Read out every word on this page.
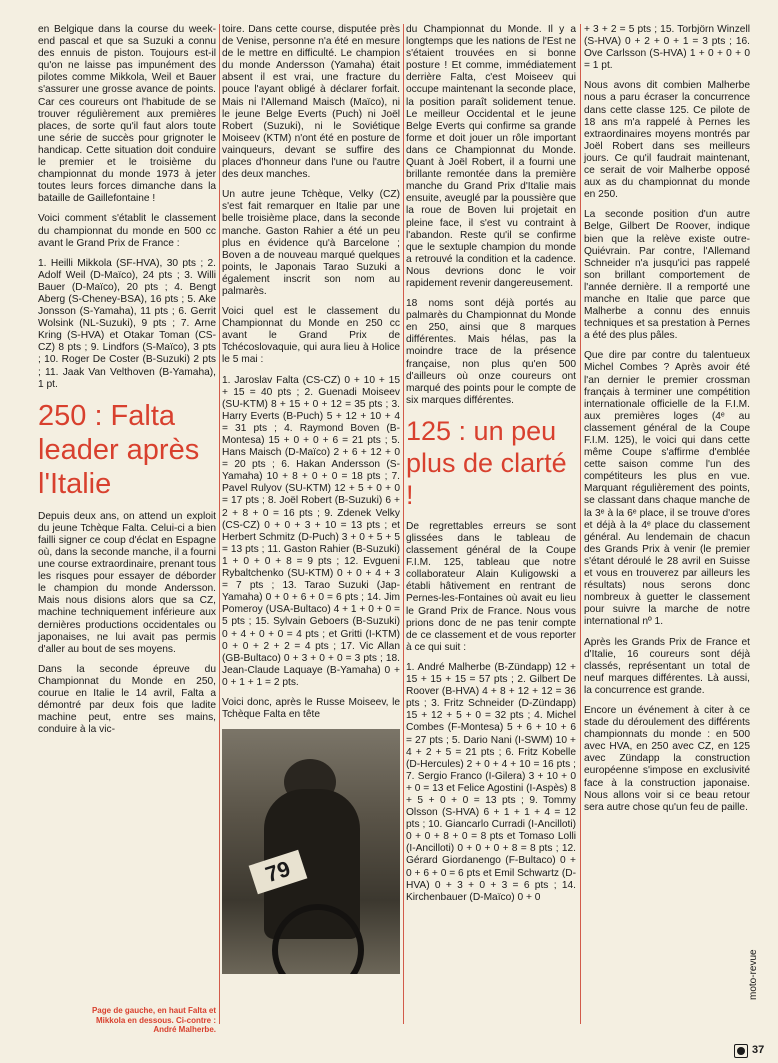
en Belgique dans la course du week-end pascal et que sa Suzuki a connu des ennuis de piston. Toujours est-il qu'on ne laisse pas impunément des pilotes comme Mikkola, Weil et Bauer s'assurer une grosse avance de points. Car ces coureurs ont l'habitude de se trouver régulièrement aux premières places, de sorte qu'il faut alors toute une série de succès pour grignoter le handicap. Cette situation doit conduire le premier et le troisième du championnat du monde 1973 à jeter toutes leurs forces dimanche dans la bataille de Gaillefontaine !

Voici comment s'établit le classement du championnat du monde en 500 cc avant le Grand Prix de France :

1. Heilli Mikkola (SF-HVA), 30 pts ; 2. Adolf Weil (D-Maïco), 24 pts ; 3. Willi Bauer (D-Maïco), 20 pts ; 4. Bengt Aberg (S-Cheney-BSA), 16 pts ; 5. Ake Jonsson (S-Yamaha), 11 pts ; 6. Gerrit Wolsink (NL-Suzuki), 9 pts ; 7. Arne Kring (S-HVA) et Otakar Toman (CS-CZ) 8 pts ; 9. Lindfors (S-Maïco), 3 pts ; 10. Roger De Coster (B-Suzuki) 2 pts ; 11. Jaak Van Velthoven (B-Yamaha), 1 pt.

250 : Falta leader après l'Italie

Depuis deux ans, on attend un exploit du jeune Tchèque Falta. Celui-ci a bien failli signer ce coup d'éclat en Espagne où, dans la seconde manche, il a fourni une course extraordinaire, prenant tous les risques pour essayer de déborder le champion du monde Andersson. Mais nous disions alors que sa CZ, machine techniquement inférieure aux dernières productions occidentales ou japonaises, ne lui avait pas permis d'aller au bout de ses moyens.

Dans la seconde épreuve du Championnat du Monde en 250, courue en Italie le 14 avril, Falta a démontré par deux fois que ladite machine peut, entre ses mains, conduire à la vic-

toire. Dans cette course, disputée près de Venise, personne n'a été en mesure de le mettre en difficulté. Le champion du monde Andersson (Yamaha) était absent il est vrai, une fracture du pouce l'ayant obligé à déclarer forfait. Mais ni l'Allemand Maisch (Maïco), ni le jeune Belge Everts (Puch) ni Joël Robert (Suzuki), ni le Soviétique Moiseev (KTM) n'ont été en posture de vainqueurs, devant se suffire des places d'honneur dans l'une ou l'autre des deux manches.

Un autre jeune Tchèque, Velky (CZ) s'est fait remarquer en Italie par une belle troisième place, dans la seconde manche. Gaston Rahier a été un peu plus en évidence qu'à Barcelone ; Boven a de nouveau marqué quelques points, le Japonais Tarao Suzuki a également inscrit son nom au palmarès.

Voici quel est le classement du Championnat du Monde en 250 cc avant le Grand Prix de Tchécoslovaquie, qui aura lieu à Holice le 5 mai :

1. Jaroslav Falta (CS-CZ) 0 + 10 + 15 + 15 = 40 pts ; 2. Guenadi Moiseev (SU-KTM) 8 + 15 + 0 + 12 = 35 pts ; 3. Harry Everts (B-Puch) 5 + 12 + 10 + 4 = 31 pts ; 4. Raymond Boven (B-Montesa) 15 + 0 + 0 + 6 = 21 pts ; 5. Hans Maisch (D-Maïco) 2 + 6 + 12 + 0 = 20 pts ; 6. Hakan Andersson (S-Yamaha) 10 + 8 + 0 + 0 = 18 pts ; 7. Pavel Rulyov (SU-KTM) 12 + 5 + 0 + 0 = 17 pts ; 8. Joël Robert (B-Suzuki) 6 + 2 + 8 + 0 = 16 pts ; 9. Zdenek Velky (CS-CZ) 0 + 0 + 3 + 10 = 13 pts ; et Herbert Schmitz (D-Puch) 3 + 0 + 5 + 5 = 13 pts ; 11. Gaston Rahier (B-Suzuki) 1 + 0 + 0 + 8 = 9 pts ; 12. Evgueni Rybaltchenko (SU-KTM) 0 + 0 + 4 + 3 = 7 pts ; 13. Tarao Suzuki (Jap-Yamaha) 0 + 0 + 6 + 0 = 6 pts ; 14. Jim Pomeroy (USA-Bultaco) 4 + 1 + 0 + 0 = 5 pts ; 15. Sylvain Geboers (B-Suzuki) 0 + 4 + 0 + 0 = 4 pts ; et Gritti (I-KTM) 0 + 0 + 2 + 2 = 4 pts ; 17. Vic Allan (GB-Bultaco) 0 + 3 + 0 + 0 = 3 pts ; 18. Jean-Claude Laquaye (B-Yamaha) 0 + 0 + 1 + 1 = 2 pts.

Voici donc, après le Russe Moiseev, le Tchèque Falta en tête

79

du Championnat du Monde. Il y a longtemps que les nations de l'Est ne s'étaient trouvées en si bonne posture ! Et comme, immédiatement derrière Falta, c'est Moiseev qui occupe maintenant la seconde place, la position paraît solidement tenue. Le meilleur Occidental et le jeune Belge Everts qui confirme sa grande forme et doit jouer un rôle important dans ce Championnat du Monde. Quant à Joël Robert, il a fourni une brillante remontée dans la première manche du Grand Prix d'Italie mais ensuite, aveuglé par la poussière que la roue de Boven lui projetait en pleine face, il s'est vu contraint à l'abandon. Reste qu'il se confirme que le sextuple champion du monde a retrouvé la condition et la cadence. Nous devrions donc le voir rapidement revenir dangereusement.

18 noms sont déjà portés au palmarès du Championnat du Monde en 250, ainsi que 8 marques différentes. Mais hélas, pas la moindre trace de la présence française, non plus qu'en 500 d'ailleurs où onze coureurs ont marqué des points pour le compte de six marques différentes.

125 : un peu plus de clarté !

De regrettables erreurs se sont glissées dans le tableau de classement général de la Coupe F.I.M. 125, tableau que notre collaborateur Alain Kuligowski a établi hâtivement en rentrant de Pernes-les-Fontaines où avait eu lieu le Grand Prix de France. Nous vous prions donc de ne pas tenir compte de ce classement et de vous reporter à ce qui suit :

1. André Malherbe (B-Zündapp) 12 + 15 + 15 + 15 = 57 pts ; 2. Gilbert De Roover (B-HVA) 4 + 8 + 12 + 12 = 36 pts ; 3. Fritz Schneider (D-Zündapp) 15 + 12 + 5 + 0 = 32 pts ; 4. Michel Combes (F-Montesa) 5 + 6 + 10 + 6 = 27 pts ; 5. Dario Nani (I-SWM) 10 + 4 + 2 + 5 = 21 pts ; 6. Fritz Kobelle (D-Hercules) 2 + 0 + 4 + 10 = 16 pts ; 7. Sergio Franco (I-Gilera) 3 + 10 + 0 + 0 = 13 et Felice Agostini (I-Aspès) 8 + 5 + 0 + 0 = 13 pts ; 9. Tommy Olsson (S-HVA) 6 + 1 + 1 + 4 = 12 pts ; 10. Giancarlo Curradi (I-Ancilloti) 0 + 0 + 8 + 0 = 8 pts et Tomaso Lolli (I-Ancilloti) 0 + 0 + 0 + 8 = 8 pts ; 12. Gérard Giordanengo (F-Bultaco) 0 + 0 + 6 + 0 = 6 pts et Emil Schwartz (D-HVA) 0 + 3 + 0 + 3 = 6 pts ; 14. Kirchenbauer (D-Maïco) 0 + 0

+ 3 + 2 = 5 pts ; 15. Torbjörn Winzell (S-HVA) 0 + 2 + 0 + 1 = 3 pts ; 16. Ove Carlsson (S-HVA) 1 + 0 + 0 + 0 = 1 pt.

Nous avons dit combien Malherbe nous a paru écraser la concurrence dans cette classe 125. Ce pilote de 18 ans m'a rappelé à Pernes les extraordinaires moyens montrés par Joël Robert dans ses meilleurs jours. Ce qu'il faudrait maintenant, ce serait de voir Malherbe opposé aux as du championnat du monde en 250.

La seconde position d'un autre Belge, Gilbert De Roover, indique bien que la relève existe outre-Quiévrain. Par contre, l'Allemand Schneider n'a jusqu'ici pas rappelé son brillant comportement de l'année dernière. Il a remporté une manche en Italie que parce que Malherbe a connu des ennuis techniques et sa prestation à Pernes a été des plus pâles.

Que dire par contre du talentueux Michel Combes ? Après avoir été l'an dernier le premier crossman français à terminer une compétition internationale officielle de la F.I.M. aux premières loges (4ᵉ au classement général de la Coupe F.I.M. 125), le voici qui dans cette même Coupe s'affirme d'emblée cette saison comme l'un des compétiteurs les plus en vue. Marquant régulièrement des points, se classant dans chaque manche de la 3ᵉ à la 6ᵉ place, il se trouve d'ores et déjà à la 4ᵉ place du classement général. Au lendemain de chacun des Grands Prix à venir (le premier s'étant déroulé le 28 avril en Suisse et vous en trouverez par ailleurs les résultats) nous serons donc nombreux à guetter le classement pour suivre la marche de notre international nº 1.

Après les Grands Prix de France et d'Italie, 16 coureurs sont déjà classés, représentant un total de neuf marques différentes. Là aussi, la concurrence est grande.

Encore un événement à citer à ce stade du déroulement des différents championnats du monde : en 500 avec HVA, en 250 avec CZ, en 125 avec Zündapp la construction européenne s'impose en exclusivité face à la construction japonaise. Nous allons voir si ce beau retour sera autre chose qu'un feu de paille.

Page de gauche, en haut Falta et Mikkola en dessous. Ci-contre : André Malherbe.
moto-revue
37
